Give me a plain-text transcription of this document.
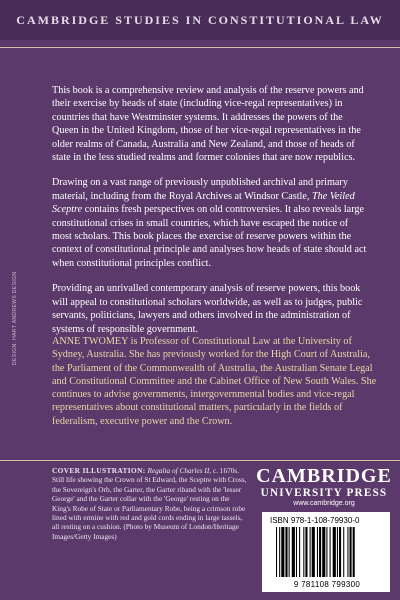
CAMBRIDGE STUDIES IN CONSTITUTIONAL LAW

This book is a comprehensive review and analysis of the reserve powers and their exercise by heads of state (including vice-regal representatives) in countries that have Westminster systems. It addresses the powers of the Queen in the United Kingdom, those of her vice-regal representatives in the older realms of Canada, Australia and New Zealand, and those of heads of state in the less studied realms and former colonies that are now republics.

Drawing on a vast range of previously unpublished archival and primary material, including from the Royal Archives at Windsor Castle, The Veiled Sceptre contains fresh perspectives on old controversies. It also reveals large constitutional crises in small countries, which have escaped the notice of most scholars. This book places the exercise of reserve powers within the context of constitutional principle and analyses how heads of state should act when constitutional principles conflict.

Providing an unrivalled contemporary analysis of reserve powers, this book will appeal to constitutional scholars worldwide, as well as to judges, public servants, politicians, lawyers and others involved in the administration of systems of responsible government.

ANNE TWOMEY is Professor of Constitutional Law at the University of Sydney, Australia. She has previously worked for the High Court of Australia, the Parliament of the Commonwealth of Australia, the Australian Senate Legal and Constitutional Committee and the Cabinet Office of New South Wales. She continues to advise governments, intergovernmental bodies and vice-regal representatives about constitutional matters, particularly in the fields of federalism, executive power and the Crown.
DESIGN: HART ANDREWS DESIGN
COVER ILLUSTRATION: Regalia of Charles II, c. 1670s. Still life showing the Crown of St Edward, the Sceptre with Cross, the Sovereign's Orb, the Garter, the Garter riband with the 'lesser George' and the Garter collar with the 'George' resting on the King's Robe of State or Parliamentary Robe, being a crimson robe lined with ermine with red and gold cords ending in large tassels, all resting on a cushion. (Photo by Museum of London/Heritage Images/Getty Images)
CAMBRIDGE
UNIVERSITY PRESS
www.cambridge.org
ISBN 978-1-108-79930-0
9 781108 799300
